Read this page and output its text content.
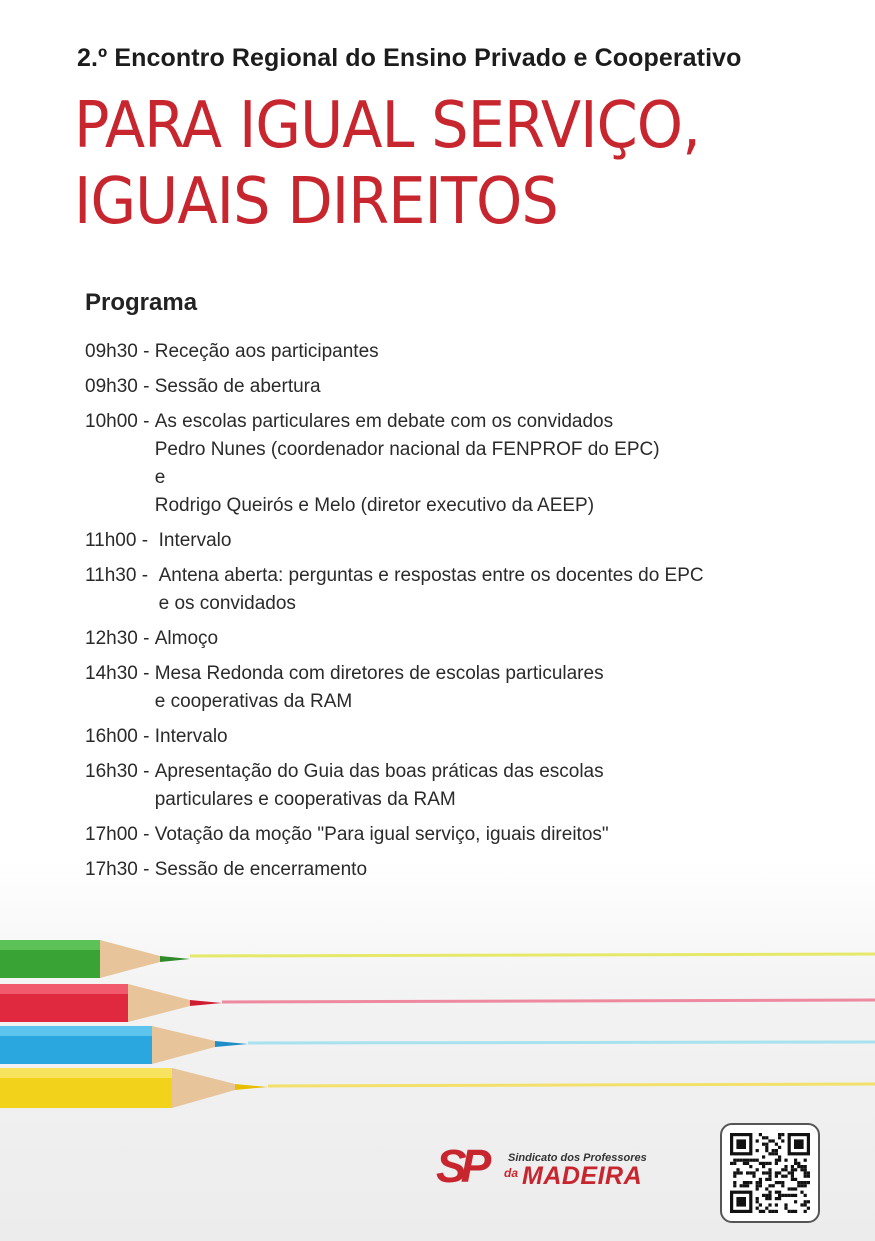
2.º Encontro Regional do Ensino Privado e Cooperativo
PARA IGUAL SERVIÇO,
IGUAIS DIREITOS
Programa
09h30 - Receção aos participantes
09h30 - Sessão de abertura
10h00 - As escolas particulares em debate com os convidados
Pedro Nunes (coordenador nacional da FENPROF do EPC)
e
Rodrigo Queirós e Melo (diretor executivo da AEEP)
11h00 - Intervalo
11h30 - Antena aberta: perguntas e respostas entre os docentes do EPC
e os convidados
12h30 - Almoço
14h30 - Mesa Redonda com diretores de escolas particulares
e cooperativas da RAM
16h00 - Intervalo
16h30 - Apresentação do Guia das boas práticas das escolas
particulares e cooperativas da RAM
17h00 - Votação da moção "Para igual serviço, iguais direitos"
17h30 - Sessão de encerramento
SP Sindicato dos Professores
da MADEIRA
